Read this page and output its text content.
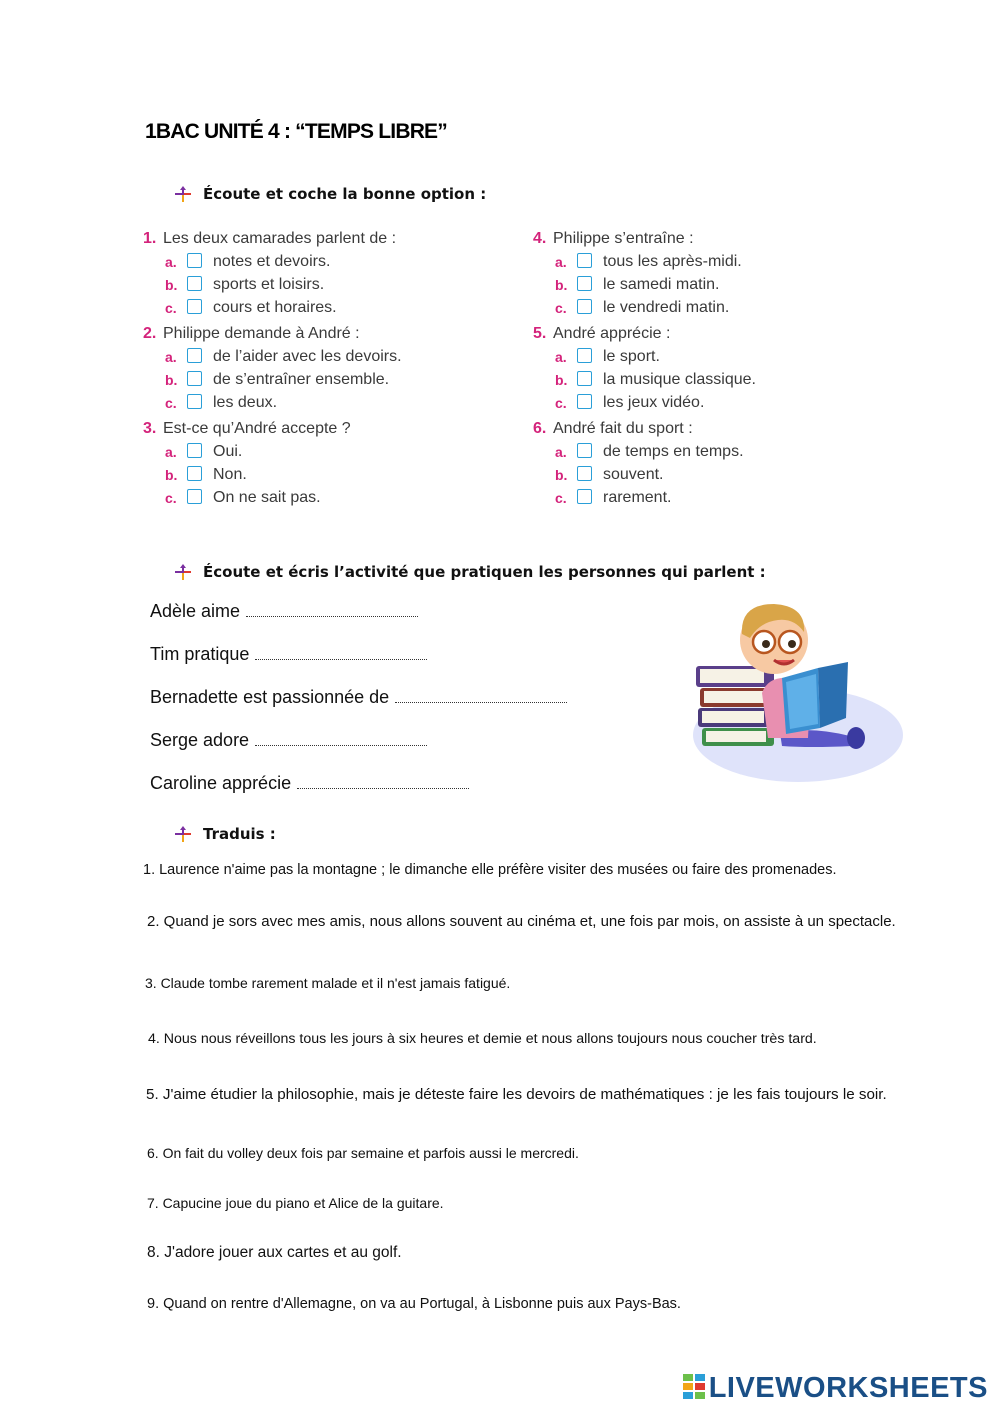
1BAC UNITÉ 4 : “TEMPS LIBRE”
Écoute et coche la bonne option :
1. Les deux camarades parlent de :
a. notes et devoirs.
b. sports et loisirs.
c. cours et horaires.
2. Philippe demande à André :
a. de l’aider avec les devoirs.
b. de s’entraîner ensemble.
c. les deux.
3. Est-ce qu’André accepte ?
a. Oui.
b. Non.
c. On ne sait pas.
4. Philippe s’entraîne :
a. tous les après-midi.
b. le samedi matin.
c. le vendredi matin.
5. André apprécie :
a. le sport.
b. la musique classique.
c. les jeux vidéo.
6. André fait du sport :
a. de temps en temps.
b. souvent.
c. rarement.
Écoute et écris l’activité que pratiquen les personnes qui parlent :
Adèle aime
Tim pratique
Bernadette est passionnée de
Serge adore
Caroline apprécie
Traduis :
1. Laurence n'aime pas la montagne ; le dimanche elle préfère visiter des musées ou faire des promenades.
2. Quand je sors avec mes amis, nous allons souvent au cinéma et, une fois par mois, on assiste à un spectacle.
3. Claude tombe rarement malade et il n'est jamais fatigué.
4. Nous nous réveillons tous les jours à six heures et demie et nous allons toujours nous coucher très tard.
5. J'aime étudier la philosophie, mais je déteste faire les devoirs de mathématiques : je les fais toujours le soir.
6. On fait du volley deux fois par semaine et parfois aussi le mercredi.
7. Capucine joue du piano et Alice de la guitare.
8. J'adore jouer aux cartes et au golf.
9. Quand on rentre d'Allemagne, on va au Portugal, à Lisbonne puis aux Pays-Bas.
LIVEWORKSHEETS
